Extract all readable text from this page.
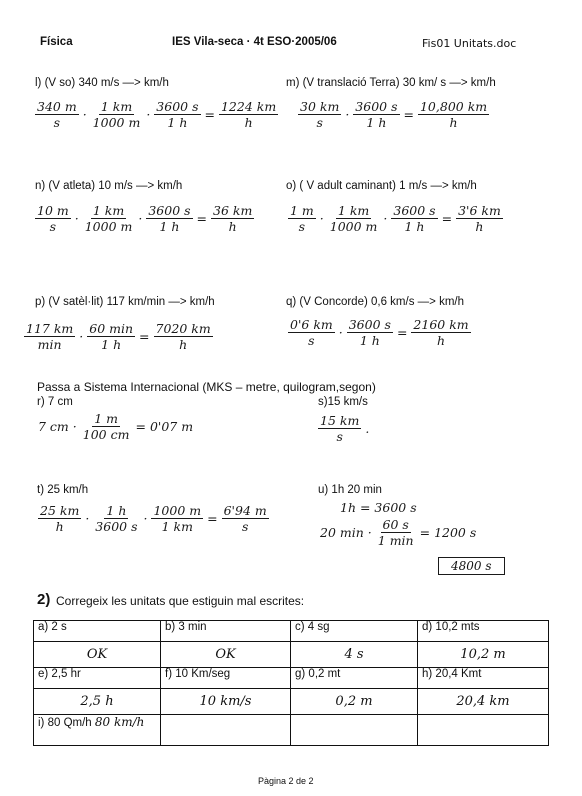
Física	IES Vila-seca · 4t ESO·2005/06	Fis01 Unitats.doc
l) (V so) 340 m/s —> km/h
$\frac{340 m}{s} \cdot \frac{1 km}{1000 m} \cdot \frac{3600 s}{1 h} = \frac{1224 km}{h}$
m) (V translació Terra) 30 km/ s —> km/h
$\frac{30 km}{s} \cdot \frac{3600 s}{1 h} = \frac{10,800 km}{h}$
n) (V atleta) 10 m/s —> km/h
$\frac{10 m}{s} \cdot \frac{1 km}{1000 m} \cdot \frac{3600 s}{1 h} = \frac{36 km}{h}$
o) ( V adult caminant) 1 m/s —> km/h
$\frac{1 m}{s} \cdot \frac{1 km}{1000 m} \cdot \frac{3600 s}{1 h} = \frac{3'6 km}{h}$
p) (V satèl·lit) 117 km/min —> km/h
$\frac{117 km}{\min} \cdot \frac{60 \min}{1 h} = \frac{7020 km}{h}$
q) (V Concorde) 0,6 km/s —> km/h
$\frac{0'6 km}{s} \cdot \frac{3600 s}{1 h} = \frac{2160 km}{h}$
Passa a Sistema Internacional (MKS – metre, quilogram,segon)
r) 7 cm
7 cm · $\frac{1 m}{100 cm} = 0'07$ m
s)15 km/s
$\frac{15 km}{s}$ .
t) 25 km/h
$\frac{25 km}{h} \cdot \frac{1 h}{3600 s} \cdot \frac{1000 m}{1 km} = \frac{6'94 m}{s}$
u) 1h 20 min
1h = 3600 s
20 $\min \cdot \frac{60 s}{1 \min} = 1200$ s
4800 s
2) Corregeix les unitats que estiguin mal escrites:
a) 2 s	b) 3 min	c) 4 sg	d) 10,2 mts
OK	OK	4 s	10,2 m
e) 2,5 hr	f) 10 Km/seg	g) 0,2 mt	h) 20,4 Kmt
2,5 h	10 km/s	0,2 m	20,4 km
i) 80 Qm/h 80 km/h			
Pàgina 2 de 2
